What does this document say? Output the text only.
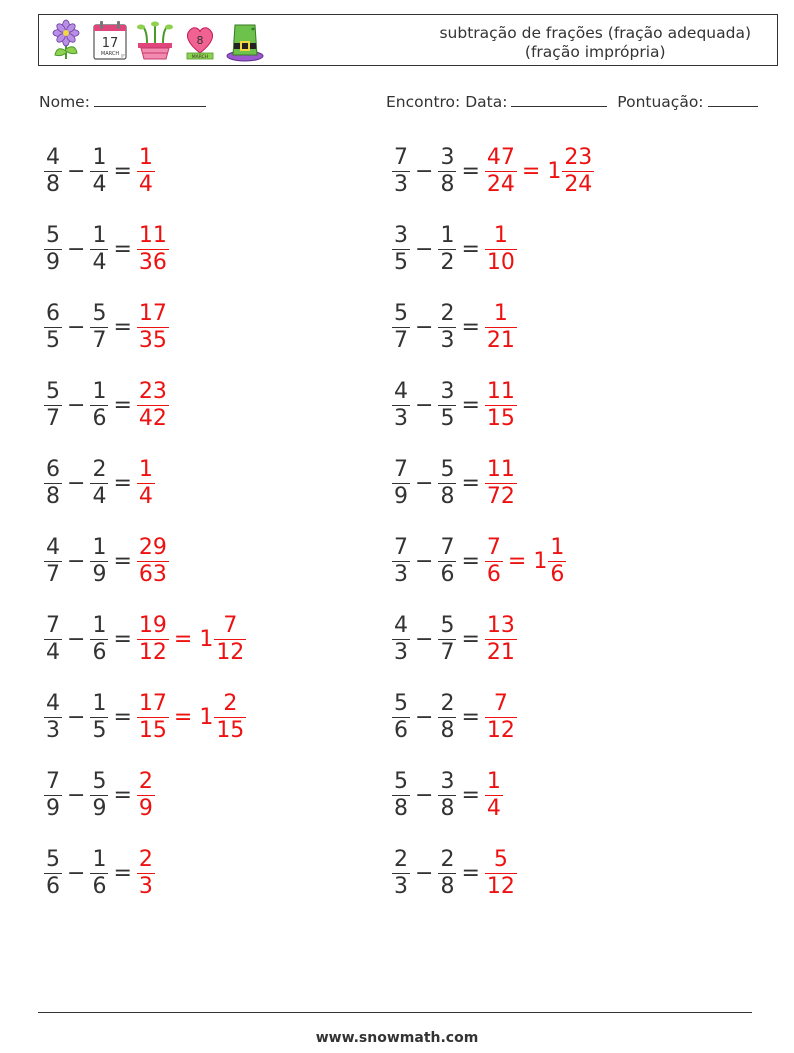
17
MARCH
8
MARCH
subtração de frações (fração adequada)
(fração imprópria)
Nome:	Encontro: Data:	Pontuação:
$\frac{4}{8} - \frac{1}{4} = \frac{1}{4}$	$\frac{7}{3} - \frac{3}{8} = \frac{47}{24} = 1 \frac{23}{24}$
$\frac{5}{9} - \frac{1}{4} = \frac{11}{36}$	$\frac{3}{5} - \frac{1}{2} = \frac{1}{10}$
$\frac{6}{5} - \frac{5}{7} = \frac{17}{35}$	$\frac{5}{7} - \frac{2}{3} = \frac{1}{21}$
$\frac{5}{7} - \frac{1}{6} = \frac{23}{42}$	$\frac{4}{3} - \frac{3}{5} = \frac{11}{15}$
$\frac{6}{8} - \frac{2}{4} = \frac{1}{4}$	$\frac{7}{9} - \frac{5}{8} = \frac{11}{72}$
$\frac{4}{7} - \frac{1}{9} = \frac{29}{63}$	$\frac{7}{3} - \frac{7}{6} = \frac{7}{6} = 1 \frac{1}{6}$
$\frac{7}{4} - \frac{1}{6} = \frac{19}{12} = 1 \frac{7}{12}$	$\frac{4}{3} - \frac{5}{7} = \frac{13}{21}$
$\frac{4}{3} - \frac{1}{5} = \frac{17}{15} = 1 \frac{2}{15}$	$\frac{5}{6} - \frac{2}{8} = \frac{7}{12}$
$\frac{7}{9} - \frac{5}{9} = \frac{2}{9}$	$\frac{5}{8} - \frac{3}{8} = \frac{1}{4}$
$\frac{5}{6} - \frac{1}{6} = \frac{2}{3}$	$\frac{2}{3} - \frac{2}{8} = \frac{5}{12}$
www.snowmath.com
